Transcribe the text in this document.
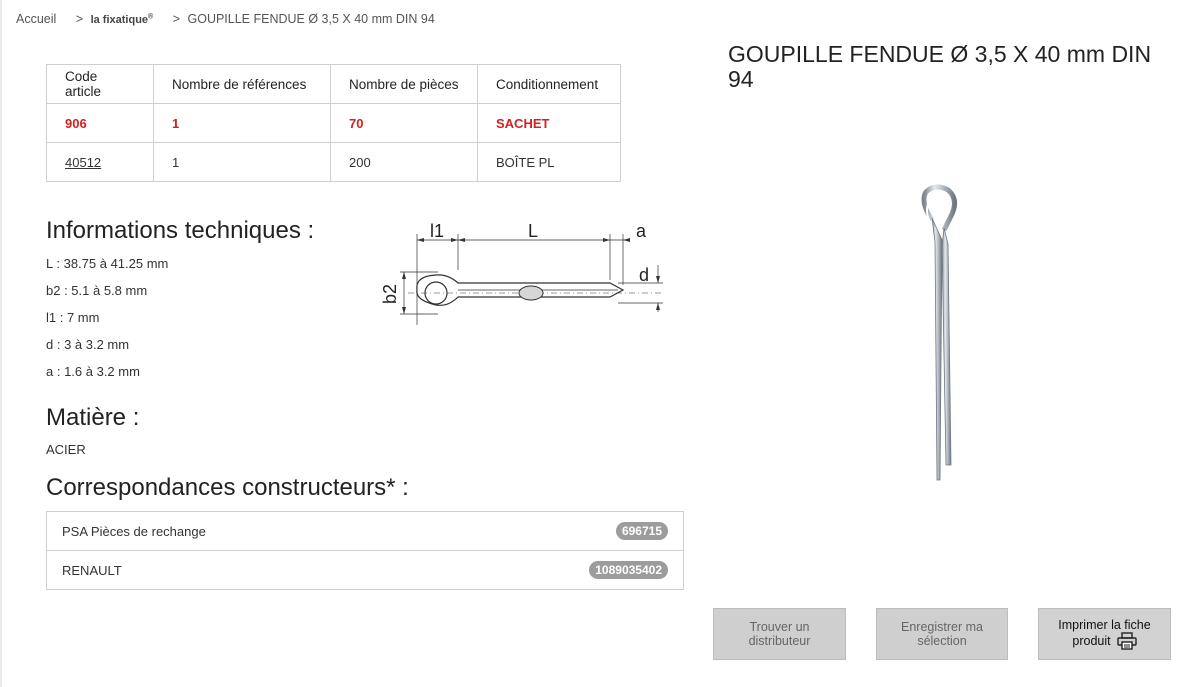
Accueil > la fixatique® > GOUPILLE FENDUE Ø 3,5 X 40 mm DIN 94
Code article	Nombre de références	Nombre de pièces	Conditionnement
906	1	70	SACHET
40512	1	200	BOÎTE PL
Informations techniques :
L : 38.75 à 41.25 mm
b2 : 5.1 à 5.8 mm
l1 : 7 mm
d : 3 à 3.2 mm
a : 1.6 à 3.2 mm
l1	L	a
d
b2
Matière :
ACIER
Correspondances constructeurs* :
PSA Pièces de rechange	696715
RENAULT	1089035402
GOUPILLE FENDUE Ø 3,5 X 40 mm DIN 94
Trouver un distributeur
Enregistrer ma sélection
Imprimer la fiche
produit
